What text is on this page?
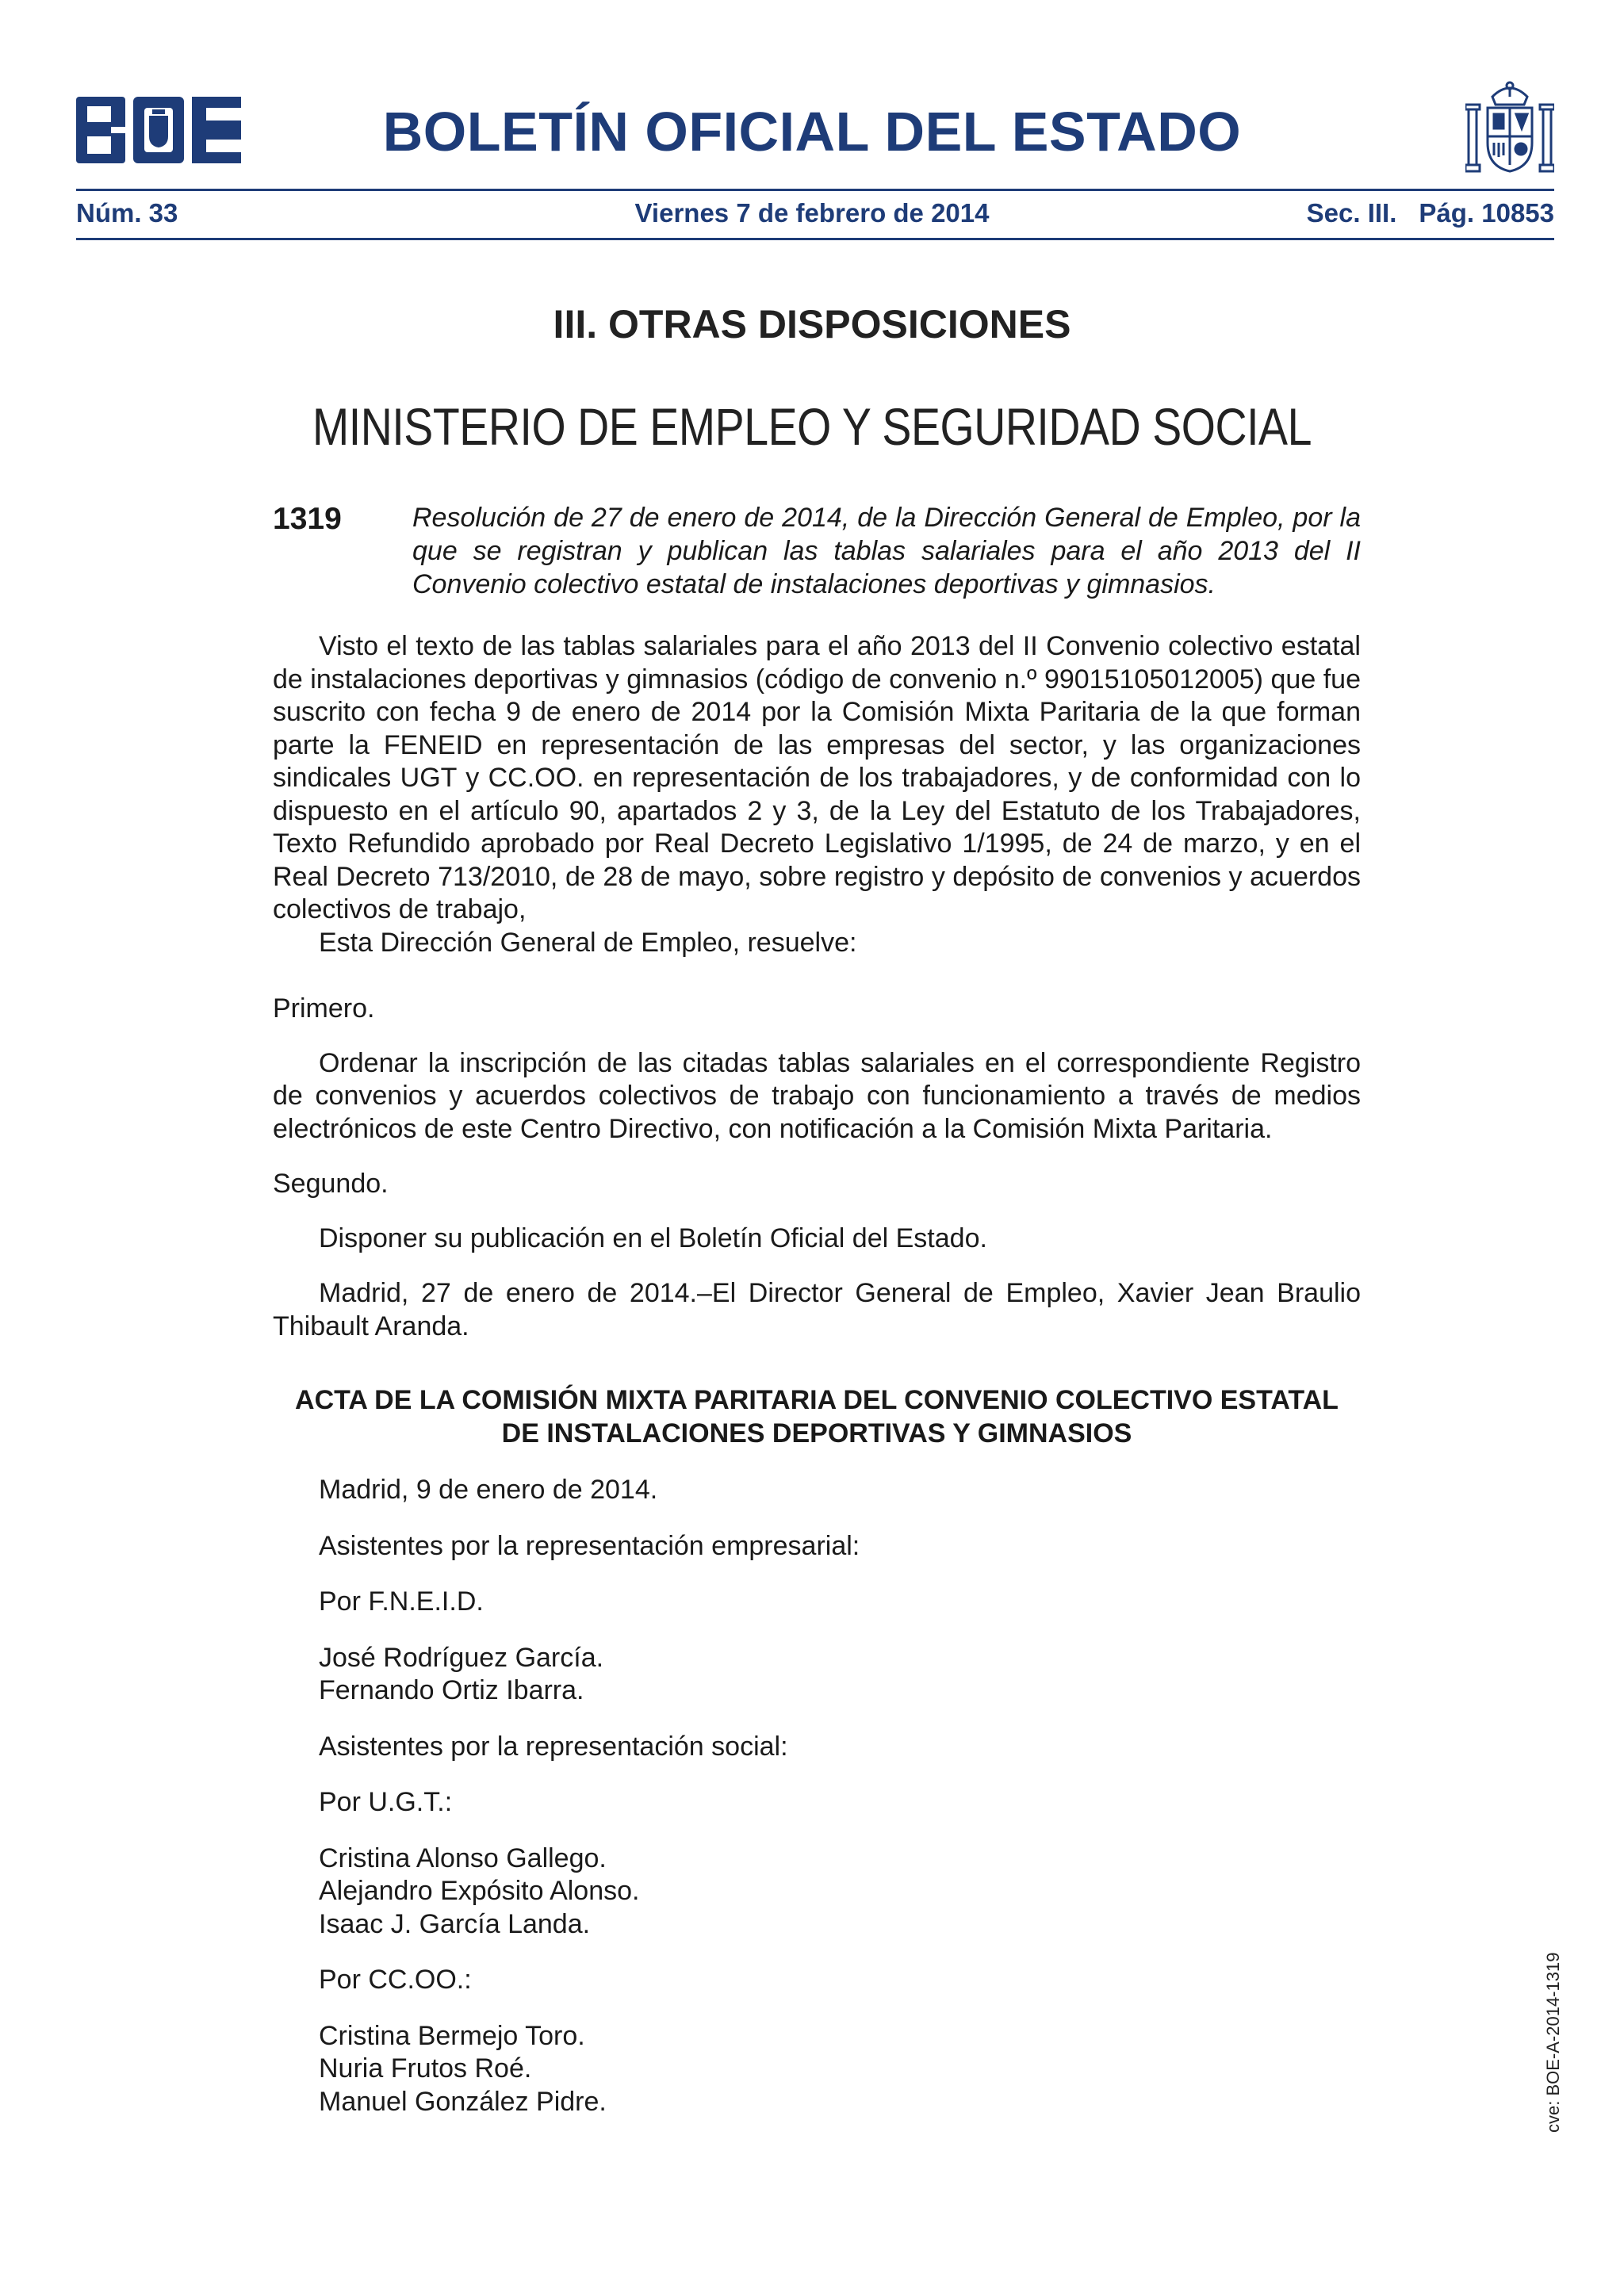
BOLETÍN OFICIAL DEL ESTADO
Núm. 33	Viernes 7 de febrero de 2014	Sec. III. Pág. 10853
III. OTRAS DISPOSICIONES
MINISTERIO DE EMPLEO Y SEGURIDAD SOCIAL
1319	Resolución de 27 de enero de 2014, de la Dirección General de Empleo, por la que se registran y publican las tablas salariales para el año 2013 del II Convenio colectivo estatal de instalaciones deportivas y gimnasios.

Visto el texto de las tablas salariales para el año 2013 del II Convenio colectivo estatal de instalaciones deportivas y gimnasios (código de convenio n.º 99015105012005) que fue suscrito con fecha 9 de enero de 2014 por la Comisión Mixta Paritaria de la que forman parte la FENEID en representación de las empresas del sector, y las organizaciones sindicales UGT y CC.OO. en representación de los trabajadores, y de conformidad con lo dispuesto en el artículo 90, apartados 2 y 3, de la Ley del Estatuto de los Trabajadores, Texto Refundido aprobado por Real Decreto Legislativo 1/1995, de 24 de marzo, y en el Real Decreto 713/2010, de 28 de mayo, sobre registro y depósito de convenios y acuerdos colectivos de trabajo,

Esta Dirección General de Empleo, resuelve:

Primero.

Ordenar la inscripción de las citadas tablas salariales en el correspondiente Registro de convenios y acuerdos colectivos de trabajo con funcionamiento a través de medios electrónicos de este Centro Directivo, con notificación a la Comisión Mixta Paritaria.

Segundo.

Disponer su publicación en el Boletín Oficial del Estado.

Madrid, 27 de enero de 2014.–El Director General de Empleo, Xavier Jean Braulio Thibault Aranda.

ACTA DE LA COMISIÓN MIXTA PARITARIA DEL CONVENIO COLECTIVO ESTATAL
DE INSTALACIONES DEPORTIVAS Y GIMNASIOS

Madrid, 9 de enero de 2014.

Asistentes por la representación empresarial:

Por F.N.E.I.D.

José Rodríguez García.
Fernando Ortiz Ibarra.

Asistentes por la representación social:

Por U.G.T.:

Cristina Alonso Gallego.
Alejandro Expósito Alonso.
Isaac J. García Landa.

Por CC.OO.:

Cristina Bermejo Toro.
Nuria Frutos Roé.
Manuel González Pidre.	cve: BOE-A-2014-1319
